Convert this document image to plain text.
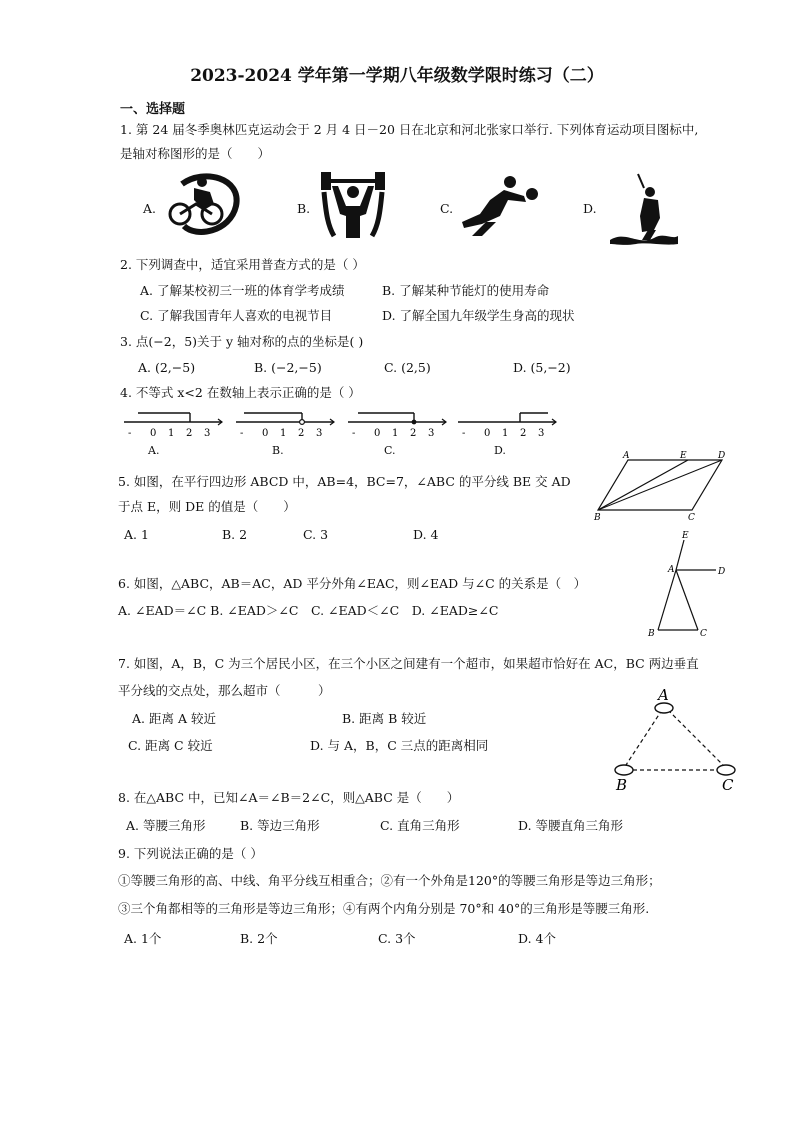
2023-2024 学年第一学期八年级数学限时练习（二）
一、选择题
1. 第 24 届冬季奥林匹克运动会于 2 月 4 日－20 日在北京和河北张家口举行. 下列体育运动项目图标中,
是轴对称图形的是（　　）
A.	B.	C.	D.
2. 下列调查中，适宜采用普查方式的是（ ）
A. 了解某校初三一班的体育学考成绩	B. 了解某种节能灯的使用寿命
C. 了解我国青年人喜欢的电视节目	D. 了解全国九年级学生身高的现状
3. 点(−2，5)关于 y 轴对称的点的坐标是( )
A. (2,−5)	B. (−2,−5)	C. (2,5)	D. (5,−2)
4. 不等式 x<2 在数轴上表示正确的是（ ）
- 0 1 2 3
A.
- 0 1 2 3
B.
- 0 1 2 3
C.
- 0 1 2 3
D.
5. 如图，在平行四边形 ABCD 中，AB=4，BC=7，∠ABC 的平分线 BE 交 AD
于点 E，则 DE 的值是（　　）
A. 1	B. 2	C. 3	D. 4
A	E	D
B	C
6. 如图，△ABC，AB＝AC，AD 平分外角∠EAC，则∠EAD 与∠C 的关系是（　）
A. ∠EAD＝∠C B. ∠EAD＞∠C　C. ∠EAD＜∠C　D. ∠EAD≥∠C
E
A	D
B	C
7. 如图，A，B，C 为三个居民小区，在三个小区之间建有一个超市，如果超市恰好在 AC，BC 两边垂直
平分线的交点处，那么超市（　　　）
A. 距离 A 较近	B. 距离 B 较近
C. 距离 C 较近	D. 与 A，B，C 三点的距离相同
A
B	C
8. 在△ABC 中，已知∠A＝∠B＝2∠C，则△ABC 是（　　）
A. 等腰三角形	B. 等边三角形	C. 直角三角形	D. 等腰直角三角形
9. 下列说法正确的是（ ）
①等腰三角形的高、中线、角平分线互相重合；②有一个外角是120°的等腰三角形是等边三角形；
③三个角都相等的三角形是等边三角形；④有两个内角分别是 70°和 40°的三角形是等腰三角形.
A. 1个	B. 2个	C. 3个	D. 4个
